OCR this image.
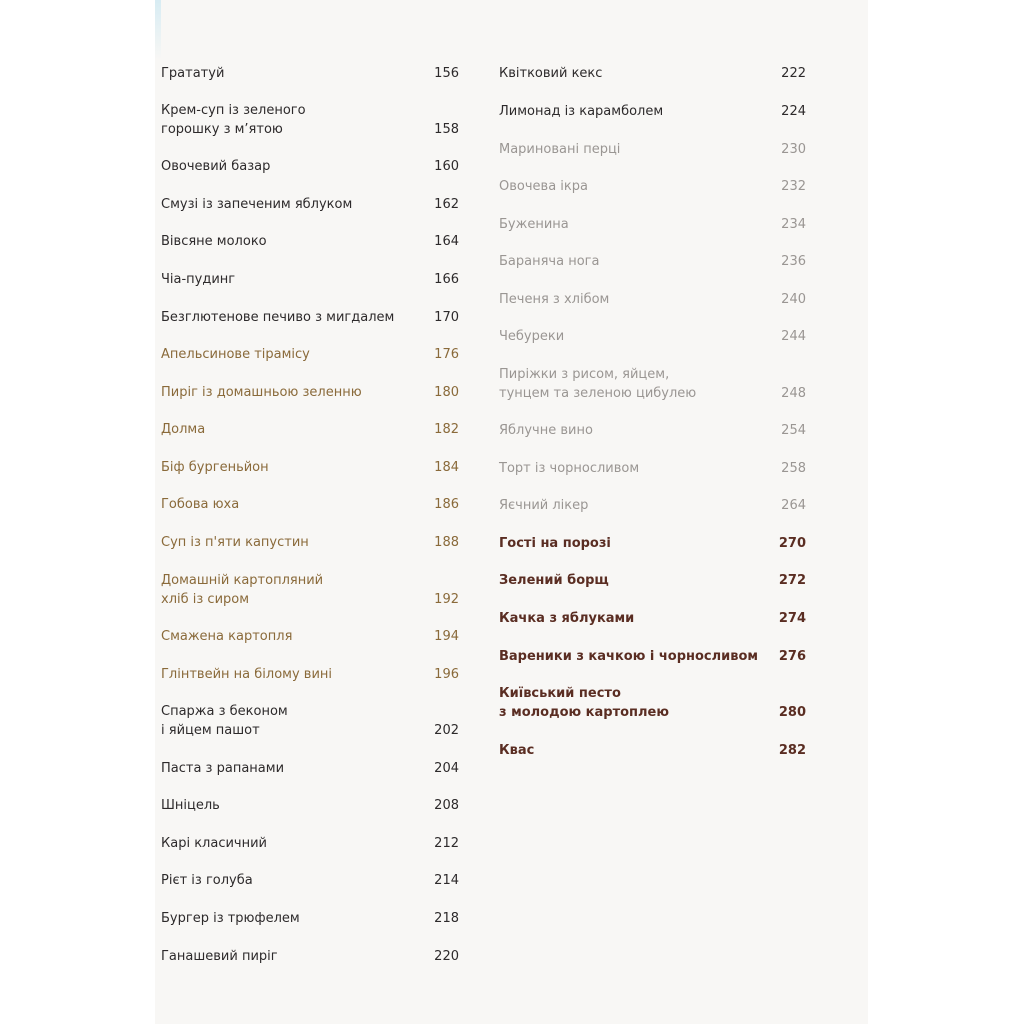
Грататуй	156
Крем-суп із зеленого
горошку з м’ятою	158
Овочевий базар	160
Смузі із запеченим яблуком	162
Вівсяне молоко	164
Чіа-пудинг	166
Безглютенове печиво з мигдалем	170
Апельсинове тірамісу	176
Пиріг із домашньою зеленню	180
Долма	182
Біф бургеньйон	184
Гобова юха	186
Суп із п'яти капустин	188
Домашній картопляний
хліб із сиром	192
Смажена картопля	194
Глінтвейн на білому вині	196
Спаржа з беконом
і яйцем пашот	202
Паста з рапанами	204
Шніцель	208
Карі класичний	212
Рієт із голуба	214
Бургер із трюфелем	218
Ганашевий пиріг	220
Квітковий кекс	222
Лимонад із карамболем	224
Мариновані перці	230
Овочева ікра	232
Буженина	234
Баранячa нога	236
Печеня з хлібом	240
Чебуреки	244
Пиріжки з рисом, яйцем,
тунцем та зеленою цибулею	248
Яблучне вино	254
Торт із чорносливом	258
Яєчний лікер	264
Гості на порозі	270
Зелений борщ	272
Качка з яблуками	274
Вареники з качкою і чорносливом 276
Київський песто
з молодою картоплею	280
Квас	282
